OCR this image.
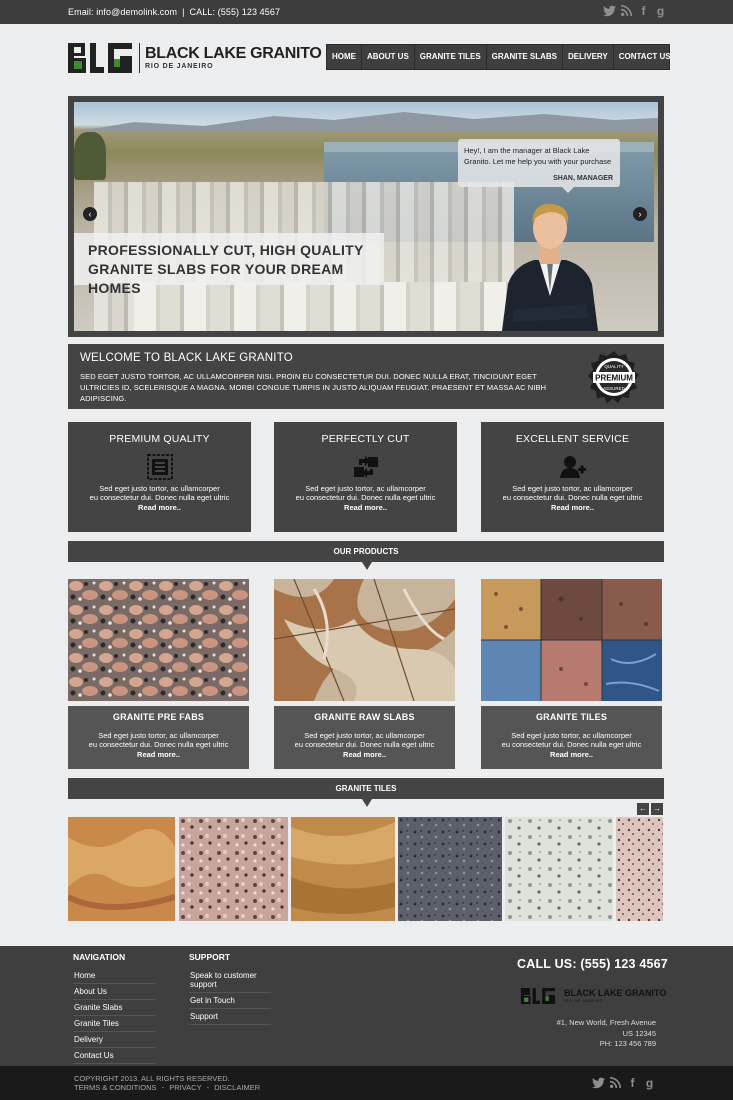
Email: info@demolink.com | CALL: (555) 123 4567	f g
BLACK LAKE GRANITO
RIO DE JANEIRO
HOME	ABOUT US	GRANITE TILES	GRANITE SLABS	DELIVERY	CONTACT US
PROFESSIONALLY CUT, HIGH QUALITY
GRANITE SLABS FOR YOUR DREAM HOMES
Hey!, I am the manager at Black Lake Granito. Let me help you with your purchase
SHAN, MANAGER
‹	›
WELCOME TO BLACK LAKE GRANITO

SED EGET JUSTO TORTOR, AC ULLAMCORPER NISI. PROIN EU CONSECTETUR DUI. DONEC NULLA ERAT, TINCIDUNT EGET ULTRICIES ID, SCELERISQUE A MAGNA. MORBI CONGUE TURPIS IN JUSTO ALIQUAM FEUGIAT. PRAESENT ET MASSA AC NIBH ADIPISCING.

PREMIUM
QUALITY
ASSURED
PREMIUM QUALITY

Sed eget justo tortor, ac ullamcorper
eu consectetur dui. Donec nulla eget ultric

Read more..
PERFECTLY CUT

Sed eget justo tortor, ac ullamcorper
eu consectetur dui. Donec nulla eget ultric

Read more..
EXCELLENT SERVICE

Sed eget justo tortor, ac ullamcorper
eu consectetur dui. Donec nulla eget ultric

Read more..
OUR PRODUCTS
GRANITE PRE FABS

Sed eget justo tortor, ac ullamcorper
eu consectetur dui. Donec nulla eget ultric

Read more..
GRANITE RAW SLABS

Sed eget justo tortor, ac ullamcorper
eu consectetur dui. Donec nulla eget ultric

Read more..
GRANITE TILES

Sed eget justo tortor, ac ullamcorper
eu consectetur dui. Donec nulla eget ultric

Read more..
GRANITE TILES
← →
NAVIGATION
Home
About Us
Granite Slabs
Granite Tiles
Delivery
Contact Us
SUPPORT
Speak to customer support
Get in Touch
Support
CALL US: (555) 123 4567
BLACK LAKE GRANITO
RIO DE JANEIRO
#1, New World, Fresh Avenue
US 12345
PH: 123 456 789
COPYRIGHT 2013. ALL RIGHTS RESERVED.
TERMS & CONDITIONS - PRIVACY - DISCLAIMER	f g
